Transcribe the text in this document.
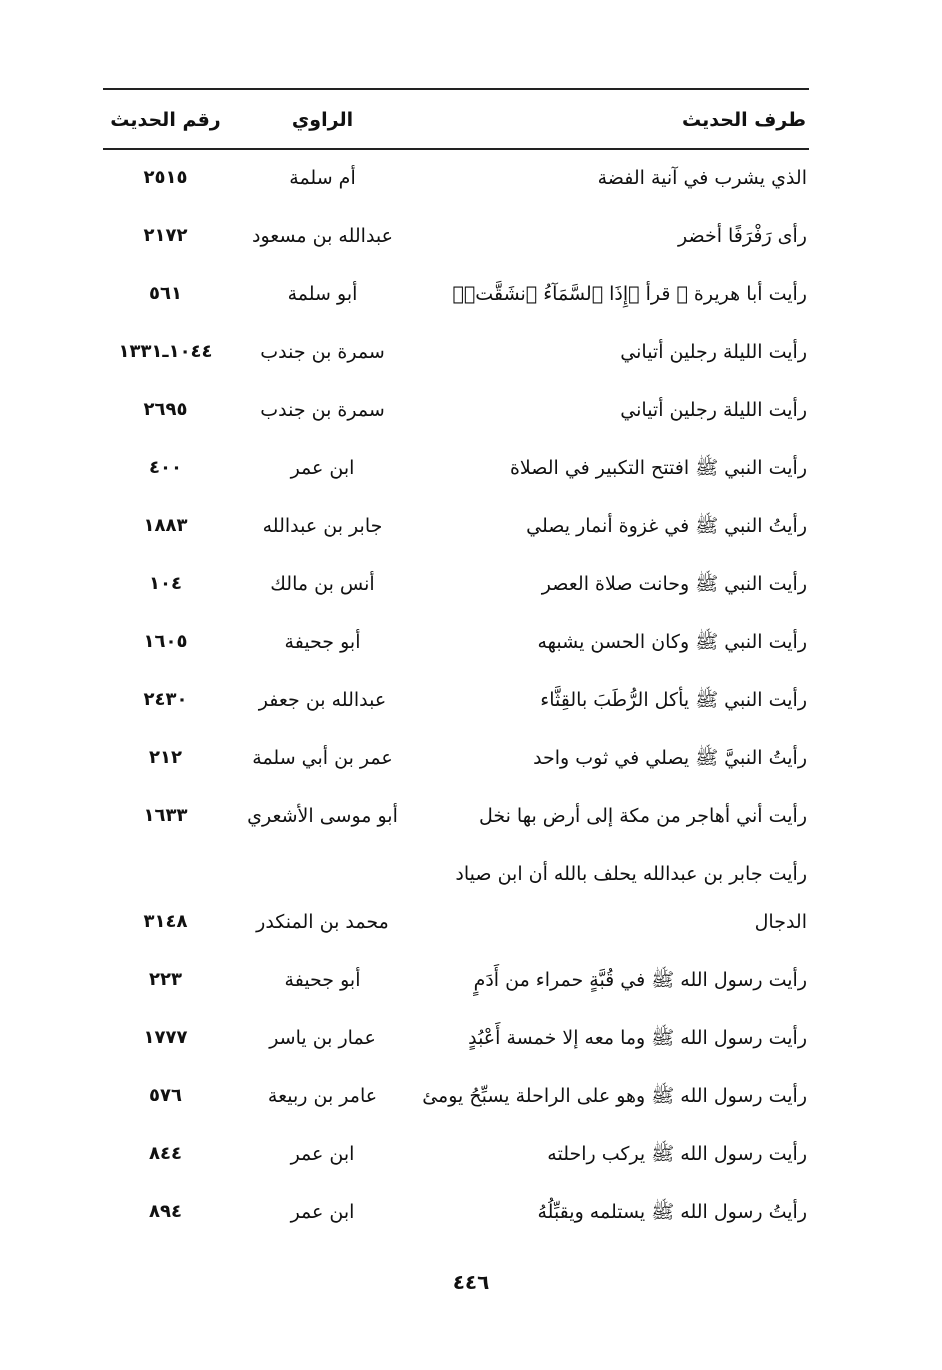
طرف الحديث
الراوي
رقم الحديث
الذي يشرب في آنية الفضة
أم سلمة
٢٥١٥
رأى رَفْرَفًا أخضر
عبدالله بن مسعود
٢١٧٢
رأيت أبا هريرة ﷺ قرأ ﴿إِذَا ٱلسَّمَآءُ ٱنشَقَّتۡ﴾
أبو سلمة
٥٦١
رأيت الليلة رجلين أتياني
سمرة بن جندب
١٠٤٤ـ١٣٣١
رأيت الليلة رجلين أتياني
سمرة بن جندب
٢٦٩٥
رأيت النبي ﷺ افتتح التكبير في الصلاة
ابن عمر
٤٠٠
رأيتُ النبي ﷺ في غزوة أنمار يصلي
جابر بن عبدالله
١٨٨٣
رأيت النبي ﷺ وحانت صلاة العصر
أنس بن مالك
١٠٤
رأيت النبي ﷺ وكان الحسن يشبهه
أبو جحيفة
١٦٠٥
رأيت النبي ﷺ يأكل الرُّطَبَ بالقِثَّاء
عبدالله بن جعفر
٢٤٣٠
رأيتُ النبيَّ ﷺ يصلي في ثوب واحد
عمر بن أبي سلمة
٢١٢
رأيت أني أهاجر من مكة إلى أرض بها نخل
أبو موسى الأشعري
١٦٣٣
رأيت جابر بن عبدالله يحلف بالله أن ابن صياد
الدجال
محمد بن المنكدر
٣١٤٨
رأيت رسول الله ﷺ في قُبَّةٍ حمراء من أَدَمٍ
أبو جحيفة
٢٢٣
رأيت رسول الله ﷺ وما معه إلا خمسة أَعْبُدٍ
عمار بن ياسر
١٧٧٧
رأيت رسول الله ﷺ وهو على الراحلة يسبِّحُ يومئ
عامر بن ربيعة
٥٧٦
رأيت رسول الله ﷺ يركب راحلته
ابن عمر
٨٤٤
رأيتُ رسول الله ﷺ يستلمه ويقبِّلُهُ
ابن عمر
٨٩٤
٤٤٦
